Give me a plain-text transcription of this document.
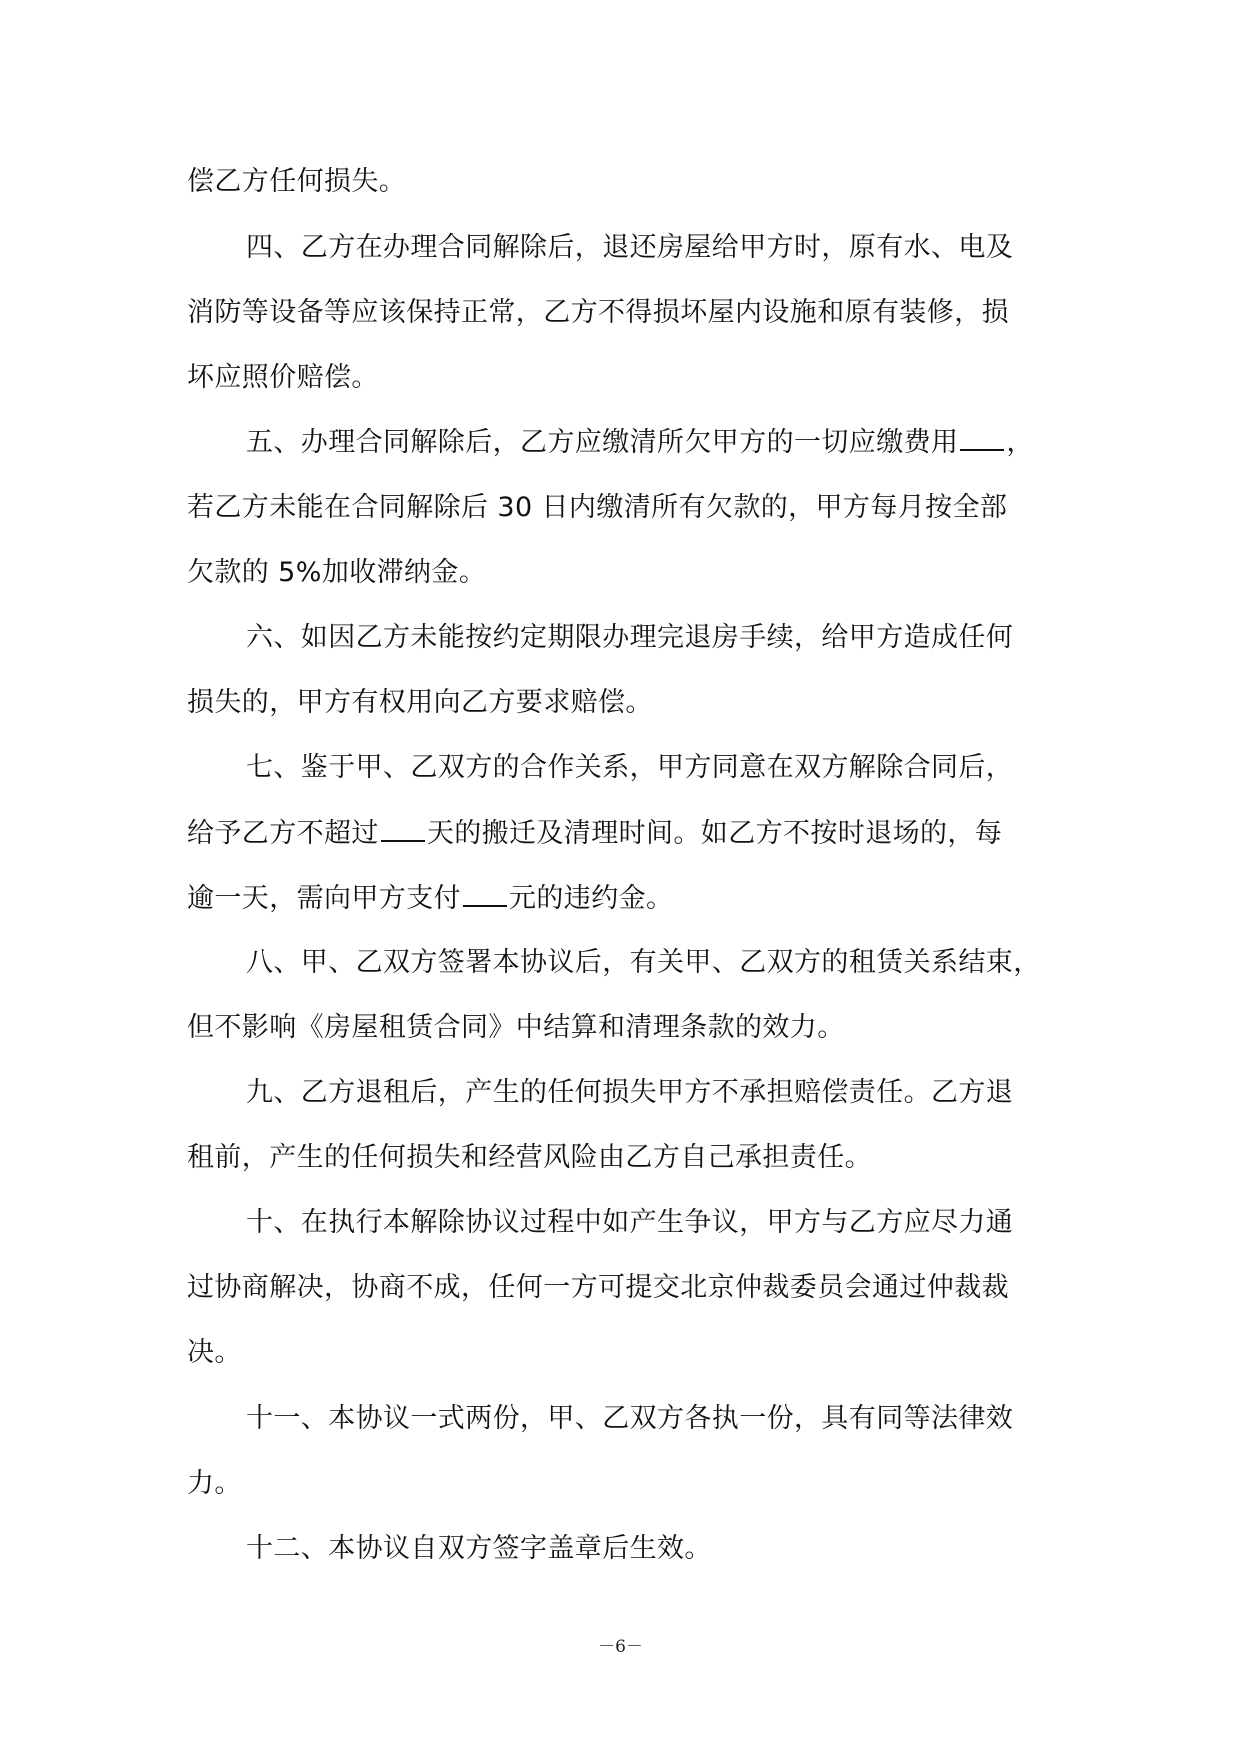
偿乙方任何损失。
四、乙方在办理合同解除后，退还房屋给甲方时，原有水、电及
消防等设备等应该保持正常，乙方不得损坏屋内设施和原有装修，损
坏应照价赔偿。
五、办理合同解除后，乙方应缴清所欠甲方的一切应缴费用 ，
若乙方未能在合同解除后 30 日内缴清所有欠款的，甲方每月按全部
欠款的 5%加收滞纳金。
六、如因乙方未能按约定期限办理完退房手续，给甲方造成任何
损失的，甲方有权用向乙方要求赔偿。
七、鉴于甲、乙双方的合作关系，甲方同意在双方解除合同后，
给予乙方不超过 天的搬迁及清理时间。如乙方不按时退场的，每
逾一天，需向甲方支付 元的违约金。
八、甲、乙双方签署本协议后，有关甲、乙双方的租赁关系结束，
但不影响《房屋租赁合同》中结算和清理条款的效力。
九、乙方退租后，产生的任何损失甲方不承担赔偿责任。乙方退
租前，产生的任何损失和经营风险由乙方自己承担责任。
十、在执行本解除协议过程中如产生争议，甲方与乙方应尽力通
过协商解决，协商不成，任何一方可提交北京仲裁委员会通过仲裁裁
决。
十一、本协议一式两份，甲、乙双方各执一份，具有同等法律效
力。
十二、本协议自双方签字盖章后生效。
－6－
